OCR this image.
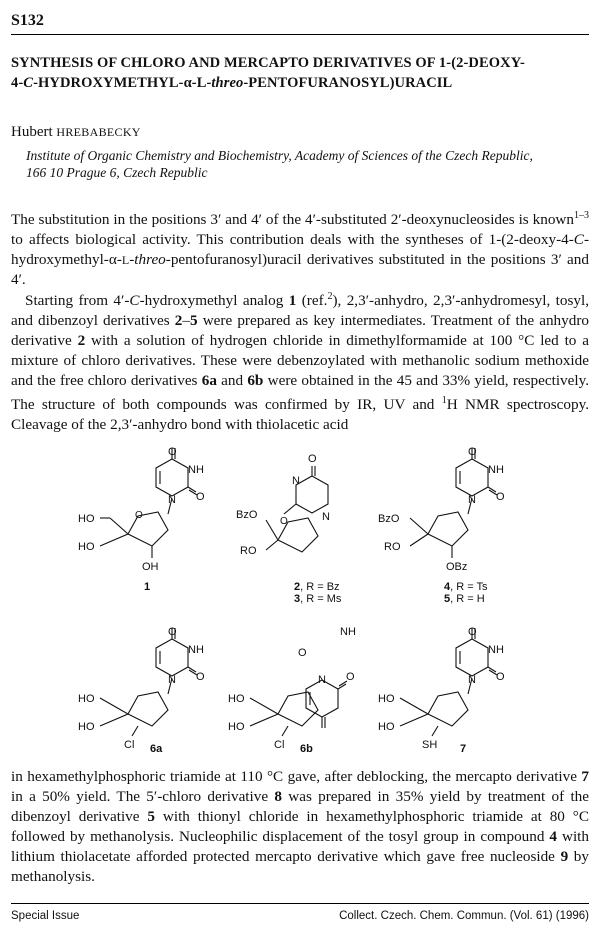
S132
SYNTHESIS OF CHLORO AND MERCAPTO DERIVATIVES OF 1-(2-DEOXY-
4-C-HYDROXYMETHYL-α-L-threo-PENTOFURANOSYL)URACIL
Hubert HREBABECKY
Institute of Organic Chemistry and Biochemistry, Academy of Sciences of the Czech Republic,
166 10 Prague 6, Czech Republic

The substitution in the positions 3′ and 4′ of the 4′-substituted 2′-deoxynucleosides is known$^{1-3}$ to affects biological activity. This contribution deals with the syntheses of 1-(2-deoxy-4-C-hydroxymethyl-α-L-threo-pentofuranosyl)uracil derivatives substituted in the positions 3′ and 4′.

Starting from 4′-C-hydroxymethyl analog 1 (ref.$^2$), 2,3′-anhydro, 2,3′-anhydromesyl, tosyl, and dibenzoyl derivatives 2–5 were prepared as key intermediates. Treatment of the anhydro derivative 2 with a solution of hydrogen chloride in dimethylformamide at 100 °C led to a mixture of chloro derivatives. These were debenzoylated with methanolic sodium methoxide and the free chloro derivatives 6a and 6b were obtained in the 45 and 33% yield, respectively. The structure of both compounds was confirmed by IR, UV and $^1$H NMR spectroscopy. Cleavage of the 2,3′-anhydro bond with thiolacetic acid

O
NH
N O
O
HO
HO
OH
1
O
N
N
O
BzO
RO
2, R = Bz
3, R = Ms
O
NH
N O
BzO
RO
OBz
4, R = Ts
5, R = H
O
NH
N O
HO
HO
Cl 6a
NH
O
N O
HO
HO
Cl 6b
O
NH
N O
HO
HO
SH 7

in hexamethylphosphoric triamide at 110 °C gave, after deblocking, the mercapto derivative 7 in a 50% yield. The 5′-chloro derivative 8 was prepared in 35% yield by treatment of the dibenzoyl derivative 5 with thionyl chloride in hexamethylphosphoric triamide at 80 °C followed by methanolysis. Nucleophilic displacement of the tosyl group in compound 4 with lithium thiolacetate afforded protected mercapto derivative which gave free nucleoside 9 by methanolysis.

Special Issue	Collect. Czech. Chem. Commun. (Vol. 61) (1996)
